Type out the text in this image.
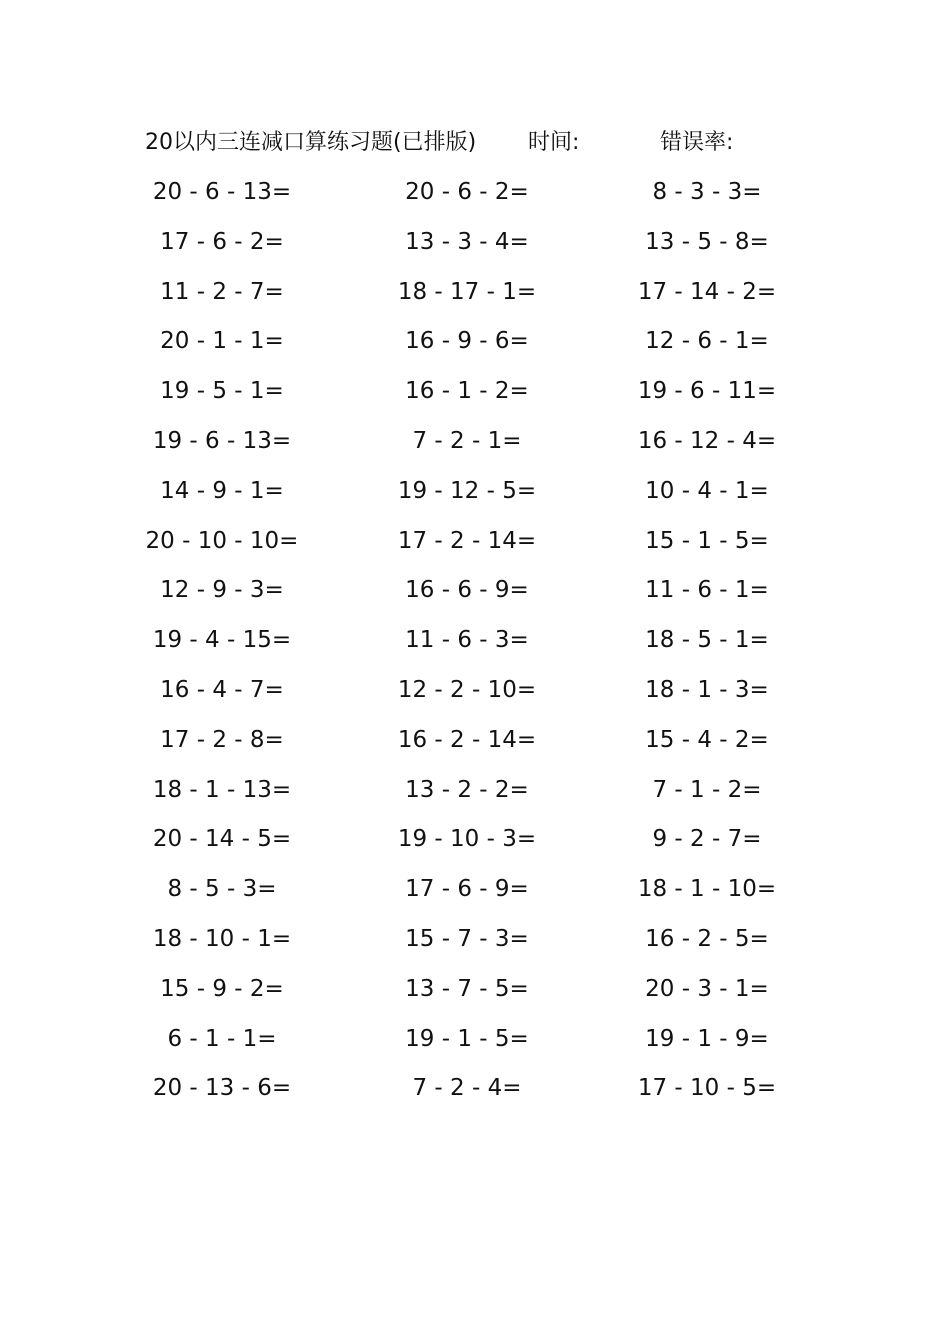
20以内三连减口算练习题(已排版) 时间:	错误率:
20 - 6 - 13=	20 - 6 - 2=	8 - 3 - 3=
17 - 6 - 2=	13 - 3 - 4=	13 - 5 - 8=
11 - 2 - 7=	18 - 17 - 1=	17 - 14 - 2=
20 - 1 - 1=	16 - 9 - 6=	12 - 6 - 1=
19 - 5 - 1=	16 - 1 - 2=	19 - 6 - 11=
19 - 6 - 13=	7 - 2 - 1=	16 - 12 - 4=
14 - 9 - 1=	19 - 12 - 5=	10 - 4 - 1=
20 - 10 - 10=	17 - 2 - 14=	15 - 1 - 5=
12 - 9 - 3=	16 - 6 - 9=	11 - 6 - 1=
19 - 4 - 15=	11 - 6 - 3=	18 - 5 - 1=
16 - 4 - 7=	12 - 2 - 10=	18 - 1 - 3=
17 - 2 - 8=	16 - 2 - 14=	15 - 4 - 2=
18 - 1 - 13=	13 - 2 - 2=	7 - 1 - 2=
20 - 14 - 5=	19 - 10 - 3=	9 - 2 - 7=
8 - 5 - 3=	17 - 6 - 9=	18 - 1 - 10=
18 - 10 - 1=	15 - 7 - 3=	16 - 2 - 5=
15 - 9 - 2=	13 - 7 - 5=	20 - 3 - 1=
6 - 1 - 1=	19 - 1 - 5=	19 - 1 - 9=
20 - 13 - 6=	7 - 2 - 4=	17 - 10 - 5=
